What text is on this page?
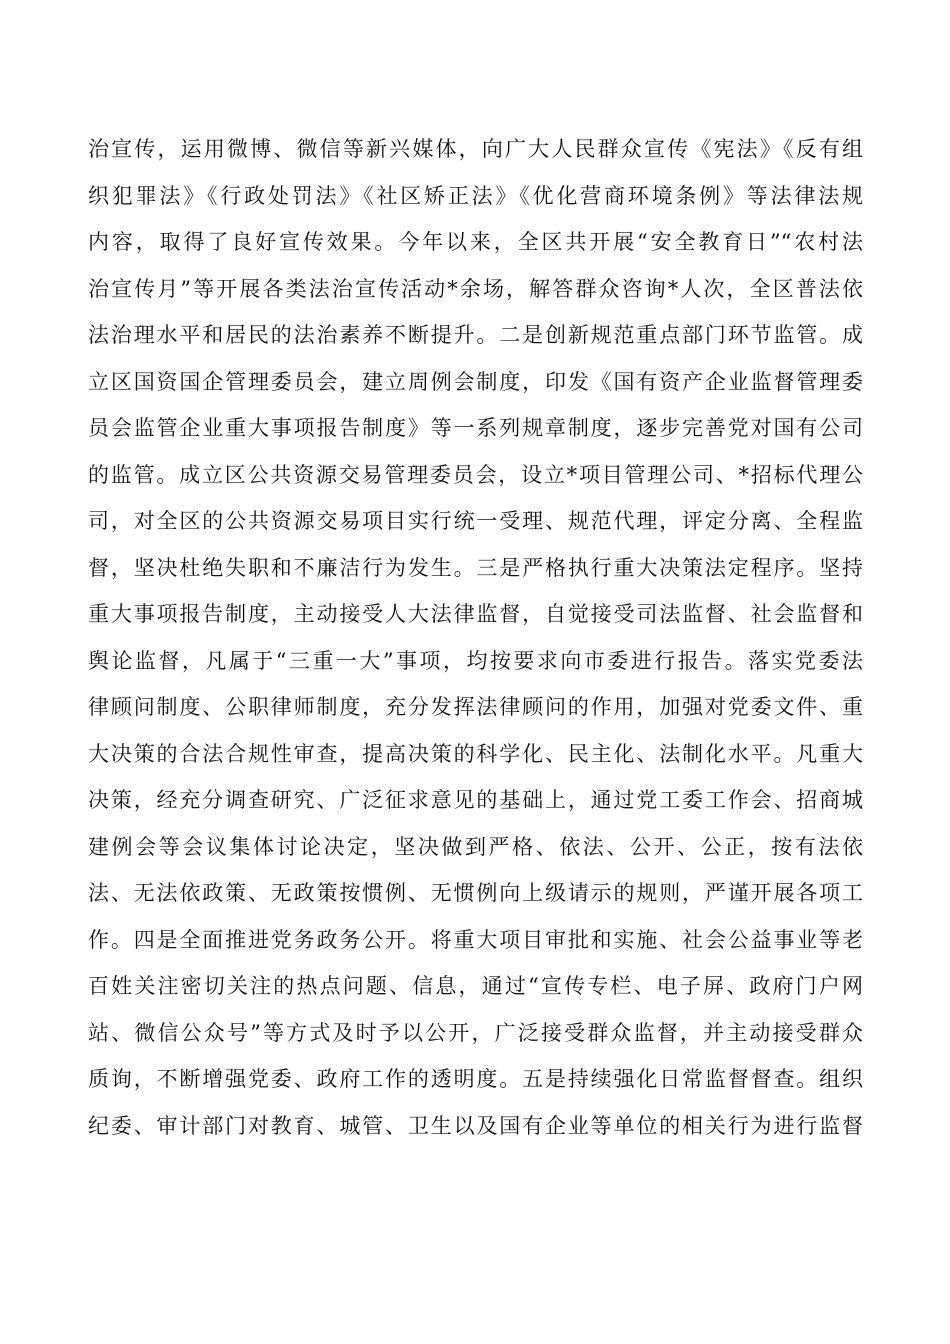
治宣传，运用微博、微信等新兴媒体，向广大人民群众宣传《宪法》《反有组
织犯罪法》《行政处罚法》《社区矫正法》《优化营商环境条例》等法律法规
内容，取得了良好宣传效果。今年以来，全区共开展“安全教育日”“农村法
治宣传月”等开展各类法治宣传活动*余场，解答群众咨询*人次，全区普法依
法治理水平和居民的法治素养不断提升。二是创新规范重点部门环节监管。成
立区国资国企管理委员会，建立周例会制度，印发《国有资产企业监督管理委
员会监管企业重大事项报告制度》等一系列规章制度，逐步完善党对国有公司
的监管。成立区公共资源交易管理委员会，设立*项目管理公司、*招标代理公
司，对全区的公共资源交易项目实行统一受理、规范代理，评定分离、全程监
督，坚决杜绝失职和不廉洁行为发生。三是严格执行重大决策法定程序。坚持
重大事项报告制度，主动接受人大法律监督，自觉接受司法监督、社会监督和
舆论监督，凡属于“三重一大”事项，均按要求向市委进行报告。落实党委法
律顾问制度、公职律师制度，充分发挥法律顾问的作用，加强对党委文件、重
大决策的合法合规性审查，提高决策的科学化、民主化、法制化水平。凡重大
决策，经充分调查研究、广泛征求意见的基础上，通过党工委工作会、招商城
建例会等会议集体讨论决定，坚决做到严格、依法、公开、公正，按有法依
法、无法依政策、无政策按惯例、无惯例向上级请示的规则，严谨开展各项工
作。四是全面推进党务政务公开。将重大项目审批和实施、社会公益事业等老
百姓关注密切关注的热点问题、信息，通过“宣传专栏、电子屏、政府门户网
站、微信公众号”等方式及时予以公开，广泛接受群众监督，并主动接受群众
质询，不断增强党委、政府工作的透明度。五是持续强化日常监督督查。组织
纪委、审计部门对教育、城管、卫生以及国有企业等单位的相关行为进行监督
